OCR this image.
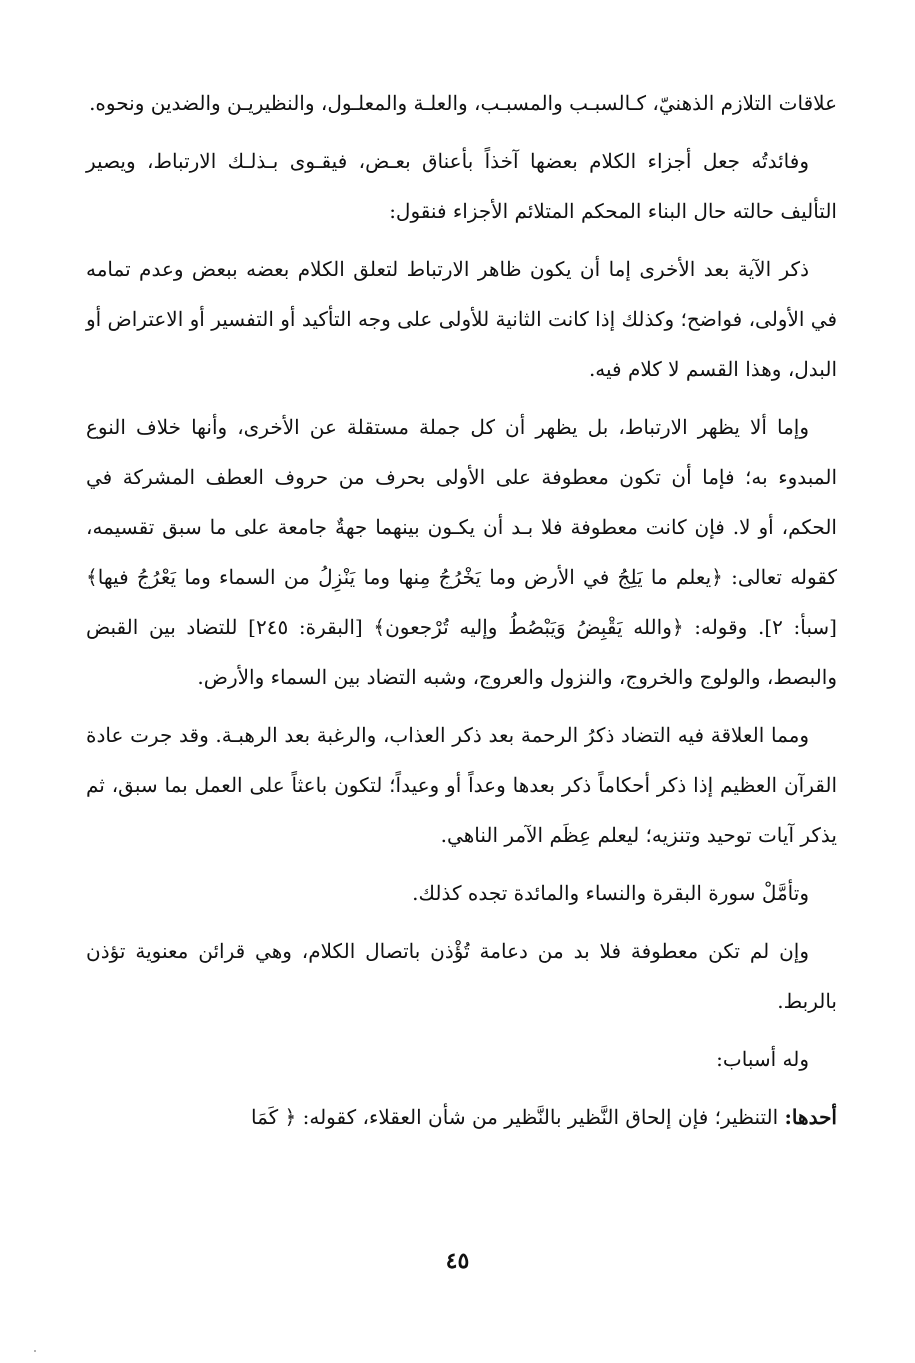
علاقات التلازم الذهنيّ، كـالسبـب والمسبـب، والعلـة والمعلـول، والنظيريـن والضدين ونحوه.

وفائدتُه جعل أجزاء الكلام بعضها آخذاً بأعناق بعـض، فيقـوى بـذلـك الارتباط، ويصير التأليف حالته حال البناء المحكم المتلائم الأجزاء فنقول:

ذكر الآية بعد الأخرى إما أن يكون ظاهر الارتباط لتعلق الكلام بعضه ببعض وعدم تمامه في الأولى، فواضح؛ وكذلك إذا كانت الثانية للأولى على وجه التأكيد أو التفسير أو الاعتراض أو البدل، وهذا القسم لا كلام فيه.

وإما ألا يظهر الارتباط، بل يظهر أن كل جملة مستقلة عن الأخرى، وأنها خلاف النوع المبدوء به؛ فإما أن تكون معطوفة على الأولى بحرف من حروف العطف المشركة في الحكم، أو لا. فإن كانت معطوفة فلا بـد أن يكـون بينهما جهةٌ جامعة على ما سبق تقسيمه، كقوله تعالى: ﴿يعلم ما يَلِجُ في الأرض وما يَخْرُجُ مِنها وما يَنْزِلُ من السماء وما يَعْرُجُ فيها﴾ [سبأ: ٢]. وقوله: ﴿والله يَقْبِضُ وَيَبْصُطُ وإليه تُرْجعون﴾ [البقرة: ٢٤٥] للتضاد بين القبض والبصط، والولوج والخروج، والنزول والعروج، وشبه التضاد بين السماء والأرض.

ومما العلاقة فيه التضاد ذكرُ الرحمة بعد ذكر العذاب، والرغبة بعد الرهبـة. وقد جرت عادة القرآن العظيم إذا ذكر أحكاماً ذكر بعدها وعداً أو وعيداً؛ لتكون باعثاً على العمل بما سبق، ثم يذكر آيات توحيد وتنزيه؛ ليعلم عِظَم الآمر الناهي.

وتأمَّلْ سورة البقرة والنساء والمائدة تجده كذلك.

وإن لم تكن معطوفة فلا بد من دعامة تُؤْذن باتصال الكلام، وهي قرائن معنوية تؤذن بالربط.

وله أسباب:

أحدها: التنظير؛ فإن إلحاق النَّظير بالنَّظير من شأن العقلاء، كقوله: ﴿ كَمَا

٤٥
